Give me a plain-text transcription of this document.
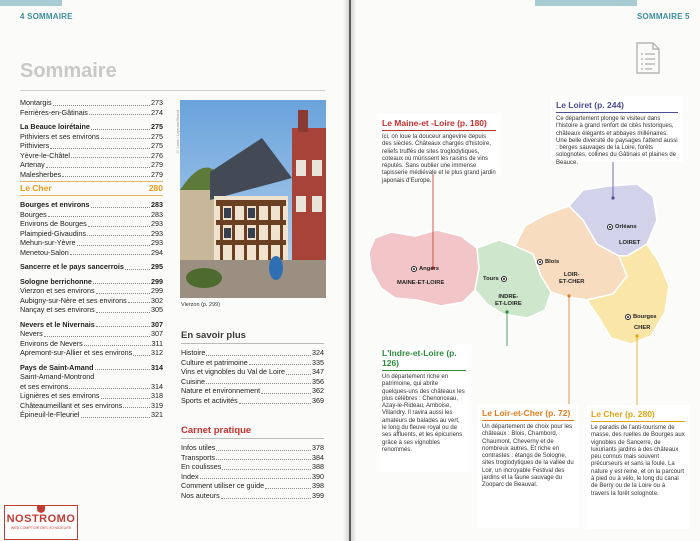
4 SOMMAIRE
Sommaire
Montargis	273
Ferrières-en-Gâtinais	274
La Beauce loirétaine	275
Pithiviers et ses environs	275
Pithiviers	275
Yèvre-le-Châtel	276
Artenay	279
Malesherbes	279
Le Cher	280
Bourges et environs	283
Bourges	283
Environs de Bourges	293
Plaimpied-Givaudins	293
Mehun-sur-Yèvre	293
Menetou-Salon	294
Sancerre et le pays sancerrois	295
Sologne berrichonne	299
Vierzon et ses environs	299
Aubigny-sur-Nère et ses environs	302
Nançay et ses environs	305
Nevers et le Nivernais	307
Nevers	307
Environs de Nevers	311
Apremont-sur-Allier et ses environs	312
Pays de Saint-Amand	314
Saint-Amand-Montrond
et ses environs	314
Lignières et ses environs	318
Châteaumeillant et ses environs	319
Épineuil-le-Fleuriel	321
© Lerat / Lejeune/Brand
Vierzon (p. 299)
En savoir plus
Histoire	324
Culture et patrimoine	335
Vins et vignobles du Val de Loire	347
Cuisine	356
Nature et environnement	362
Sports et activités	369
Carnet pratique
Infos utiles	378
Transports	384
En coulisses	388
Index	390
Comment utiliser ce guide	398
Nos auteurs	399
NOSTROMO
WEB COMPTOIR DES VOYAGEURS
SOMMAIRE 5
Angers
Tours
Blois
Orléans
Bourges
MAINE-ET-LOIRE
INDRE-
ET-LOIRE
LOIR-
ET-CHER
LOIRET
CHER
Le Maine-et -Loire (p. 180)

Ici, on loue la douceur angevine depuis des siècles. Châteaux chargés d'histoire, reliefs truffés de sites troglodytiques, coteaux où mûrissent les raisins de vins réputés. Sans oublier une immense tapisserie médiévale et le plus grand jardin japonais d'Europe.

Le Loiret (p. 244)

Ce département plonge le visiteur dans l'histoire à grand renfort de cités historiques, châteaux élégants et abbayes millénaires. Une belle diversité de paysages l'attend aussi : berges sauvages de la Loire, forêts solognotes, collines du Gâtinais et plaines de Beauce.

L'Indre-et-Loire (p. 126)

Un département riche en patrimoine, qui abrite quelques-uns des châteaux les plus célèbres : Chenonceau, Azay-le-Rideau, Amboise, Villandry. Il ravira aussi les amateurs de balades au vert, le long du fleuve royal ou de ses affluents, et les épicuriens grâce à ses vignobles renommés.

Le Loir-et-Cher (p. 72)

Un département de choix pour les châteaux : Blois, Chambord, Chaumont, Cheverny et de nombreux autres. Et riche en contrastes : étangs de Sologne, sites troglodytiques de la vallée du Loir, un incroyable Festival des jardins et la faune sauvage du Zooparc de Beauval.

Le Cher (p. 280)

Le paradis de l'anti-tourisme de masse, des ruelles de Bourges aux vignobles de Sancerre, de luxuriants jardins à des châteaux peu connus mais souvent précurseurs et sans la foule. La nature y est reine, et on la parcourt à pied ou à vélo, le long du canal de Berry ou de la Loire ou à travers la forêt solognote.
